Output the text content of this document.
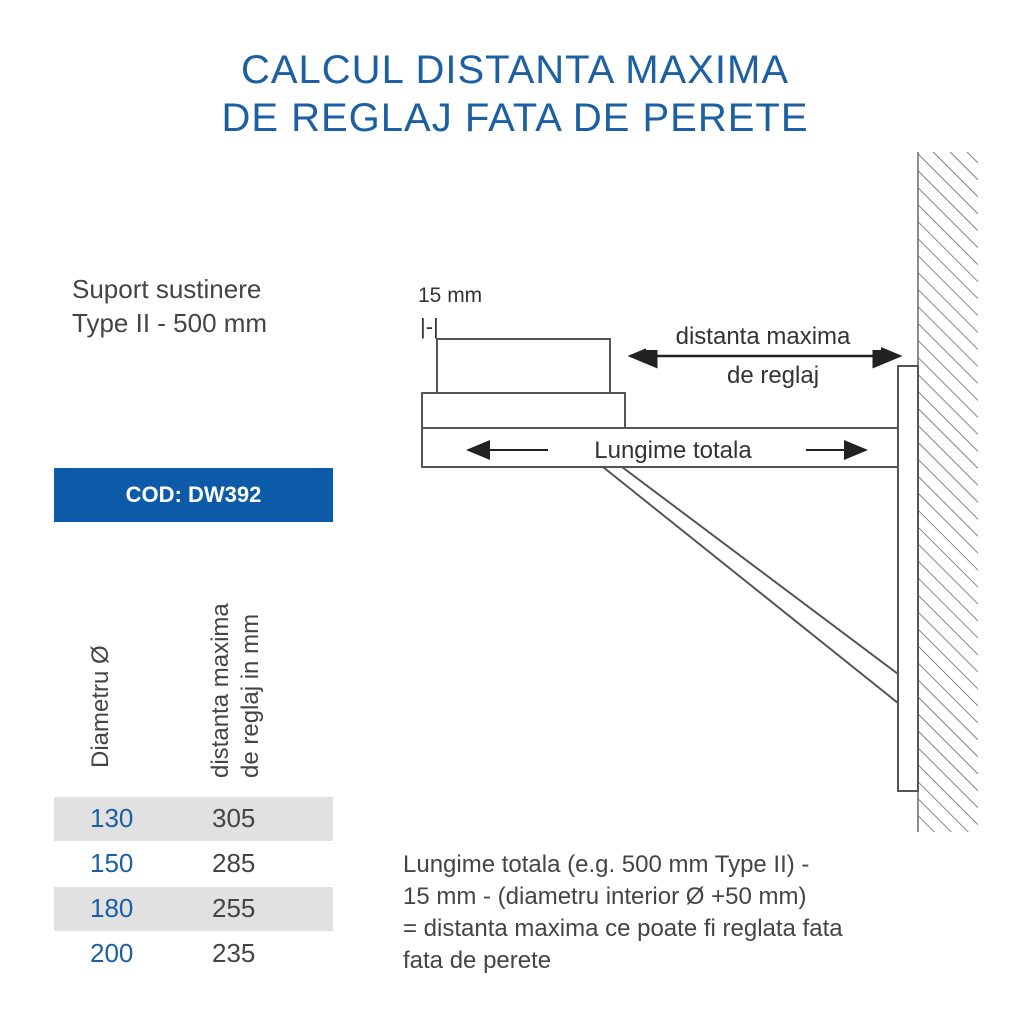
CALCUL DISTANTA MAXIMA
DE REGLAJ FATA DE PERETE
Suport sustinere
Type II - 500 mm
COD: DW392
Diametru Ø	distanta maxima de reglaj in mm
130	305
150	285
180	255
200	235
15 mm
|-|	distanta maxima
de reglaj
Lungime totala
Lungime totala (e.g. 500 mm Type II) -
15 mm - (diametru interior Ø +50 mm)
= distanta maxima ce poate fi reglata fata
fata de perete
